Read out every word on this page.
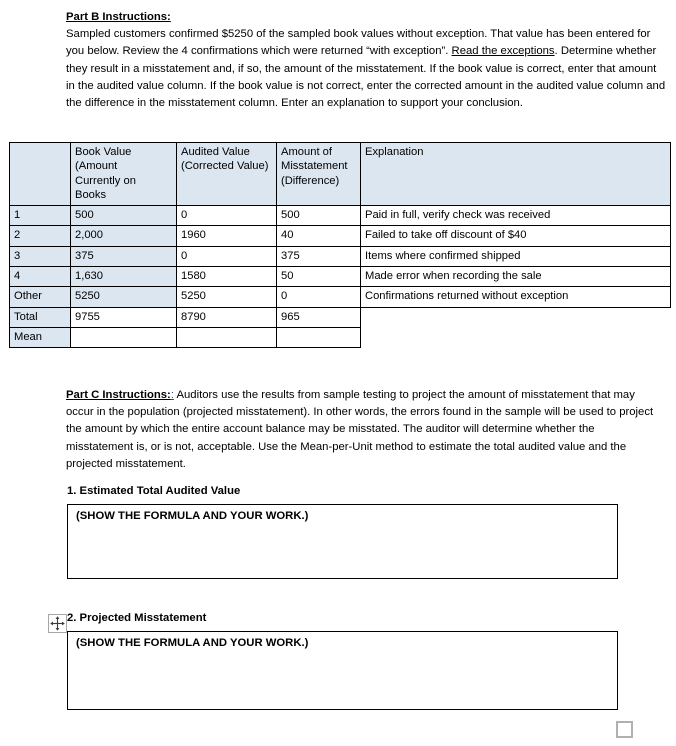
Part B Instructions:
Sampled customers confirmed $5250 of the sampled book values without exception. That value has been entered for you below. Review the 4 confirmations which were returned “with exception”. Read the exceptions. Determine whether they result in a misstatement and, if so, the amount of the misstatement. If the book value is correct, enter that amount in the audited value column. If the book value is not correct, enter the corrected amount in the audited value column and the difference in the misstatement column. Enter an explanation to support your conclusion.
	Book Value
(Amount
Currently on
Books	Audited Value
(Corrected Value)	Amount of
Misstatement
(Difference)	Explanation
1	500	0	500	Paid in full, verify check was received
2	2,000	1960	40	Failed to take off discount of $40
3	375	0	375	Items where confirmed shipped
4	1,630	1580	50	Made error when recording the sale
Other	5250	5250	0	Confirmations returned without exception
Total	9755	8790	965	
Mean				
Part C Instructions:: Auditors use the results from sample testing to project the amount of misstatement that may occur in the population (projected misstatement). In other words, the errors found in the sample will be used to project the amount by which the entire account balance may be misstated. The auditor will determine whether the misstatement is, or is not, acceptable. Use the Mean-per-Unit method to estimate the total audited value and the projected misstatement.
1. Estimated Total Audited Value
(SHOW THE FORMULA AND YOUR WORK.)
2. Projected Misstatement
(SHOW THE FORMULA AND YOUR WORK.)
